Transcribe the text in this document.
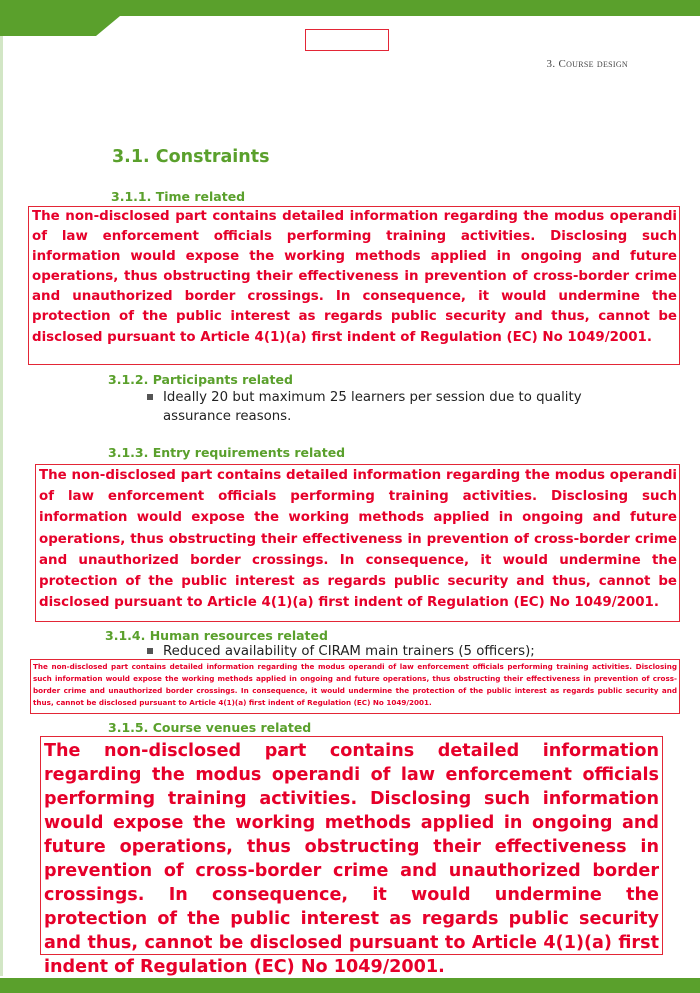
3. Course design
3.1. Constraints
3.1.1. Time related
The non-disclosed part contains detailed information regarding the modus operandi of law enforcement officials performing training activities. Disclosing such information would expose the working methods applied in ongoing and future operations, thus obstructing their effectiveness in prevention of cross-border crime and unauthorized border crossings. In consequence, it would undermine the protection of the public interest as regards public security and thus, cannot be disclosed pursuant to Article 4(1)(a) first indent of Regulation (EC) No 1049/2001.
3.1.2. Participants related
Ideally 20 but maximum 25 learners per session due to quality assurance reasons.
3.1.3. Entry requirements related
The non-disclosed part contains detailed information regarding the modus operandi of law enforcement officials performing training activities. Disclosing such information would expose the working methods applied in ongoing and future operations, thus obstructing their effectiveness in prevention of cross-border crime and unauthorized border crossings. In consequence, it would undermine the protection of the public interest as regards public security and thus, cannot be disclosed pursuant to Article 4(1)(a) first indent of Regulation (EC) No 1049/2001.
3.1.4. Human resources related
Reduced availability of CIRAM main trainers (5 officers);
The non-disclosed part contains detailed information regarding the modus operandi of law enforcement officials performing training activities. Disclosing such information would expose the working methods applied in ongoing and future operations, thus obstructing their effectiveness in prevention of cross-border crime and unauthorized border crossings. In consequence, it would undermine the protection of the public interest as regards public security and thus, cannot be disclosed pursuant to Article 4(1)(a) first indent of Regulation (EC) No 1049/2001.
3.1.5. Course venues related
The non-disclosed part contains detailed information regarding the modus operandi of law enforcement officials performing training activities. Disclosing such information would expose the working methods applied in ongoing and future operations, thus obstructing their effectiveness in prevention of cross-border crime and unauthorized border crossings. In consequence, it would undermine the protection of the public interest as regards public security and thus, cannot be disclosed pursuant to Article 4(1)(a) first indent of Regulation (EC) No 1049/2001.
